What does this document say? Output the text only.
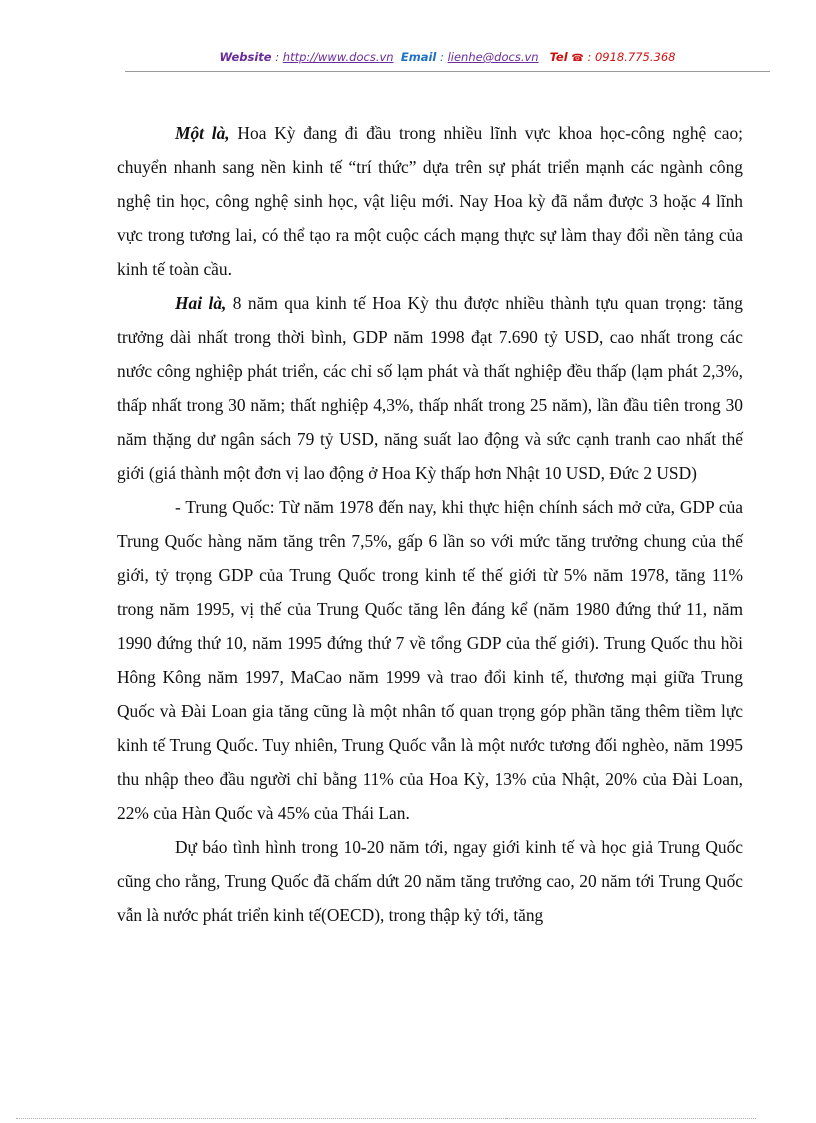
Website : http://www.docs.vn Email : lienhe@docs.vn Tel ☎ : 0918.775.368

Một là, Hoa Kỳ đang đi đầu trong nhiều lĩnh vực khoa học-công nghệ cao; chuyển nhanh sang nền kinh tế “trí thức” dựa trên sự phát triển mạnh các ngành công nghệ tin học, công nghệ sinh học, vật liệu mới. Nay Hoa kỳ đã nắm được 3 hoặc 4 lĩnh vực trong tương lai, có thể tạo ra một cuộc cách mạng thực sự làm thay đổi nền tảng của kinh tế toàn cầu.

Hai là, 8 năm qua kinh tế Hoa Kỳ thu được nhiều thành tựu quan trọng: tăng trưởng dài nhất trong thời bình, GDP năm 1998 đạt 7.690 tỷ USD, cao nhất trong các nước công nghiệp phát triển, các chỉ số lạm phát và thất nghiệp đều thấp (lạm phát 2,3%, thấp nhất trong 30 năm; thất nghiệp 4,3%, thấp nhất trong 25 năm), lần đầu tiên trong 30 năm thặng dư ngân sách 79 tỷ USD, năng suất lao động và sức cạnh tranh cao nhất thế giới (giá thành một đơn vị lao động ở Hoa Kỳ thấp hơn Nhật 10 USD, Đức 2 USD)

- Trung Quốc: Từ năm 1978 đến nay, khi thực hiện chính sách mở cửa, GDP của Trung Quốc hàng năm tăng trên 7,5%, gấp 6 lần so với mức tăng trưởng chung của thế giới, tỷ trọng GDP của Trung Quốc trong kinh tế thế giới từ 5% năm 1978, tăng 11% trong năm 1995, vị thế của Trung Quốc tăng lên đáng kể (năm 1980 đứng thứ 11, năm 1990 đứng thứ 10, năm 1995 đứng thứ 7 về tổng GDP của thế giới). Trung Quốc thu hồi Hông Kông năm 1997, MaCao năm 1999 và trao đổi kinh tế, thương mại giữa Trung Quốc và Đài Loan gia tăng cũng là một nhân tố quan trọng góp phần tăng thêm tiềm lực kinh tế Trung Quốc. Tuy nhiên, Trung Quốc vẫn là một nước tương đối nghèo, năm 1995 thu nhập theo đầu người chỉ bằng 11% của Hoa Kỳ, 13% của Nhật, 20% của Đài Loan, 22% của Hàn Quốc và 45% của Thái Lan.

Dự báo tình hình trong 10-20 năm tới, ngay giới kinh tế và học giả Trung Quốc cũng cho rằng, Trung Quốc đã chấm dứt 20 năm tăng trưởng cao, 20 năm tới Trung Quốc vẫn là nước phát triển kinh tế(OECD), trong thập kỷ tới, tăng
